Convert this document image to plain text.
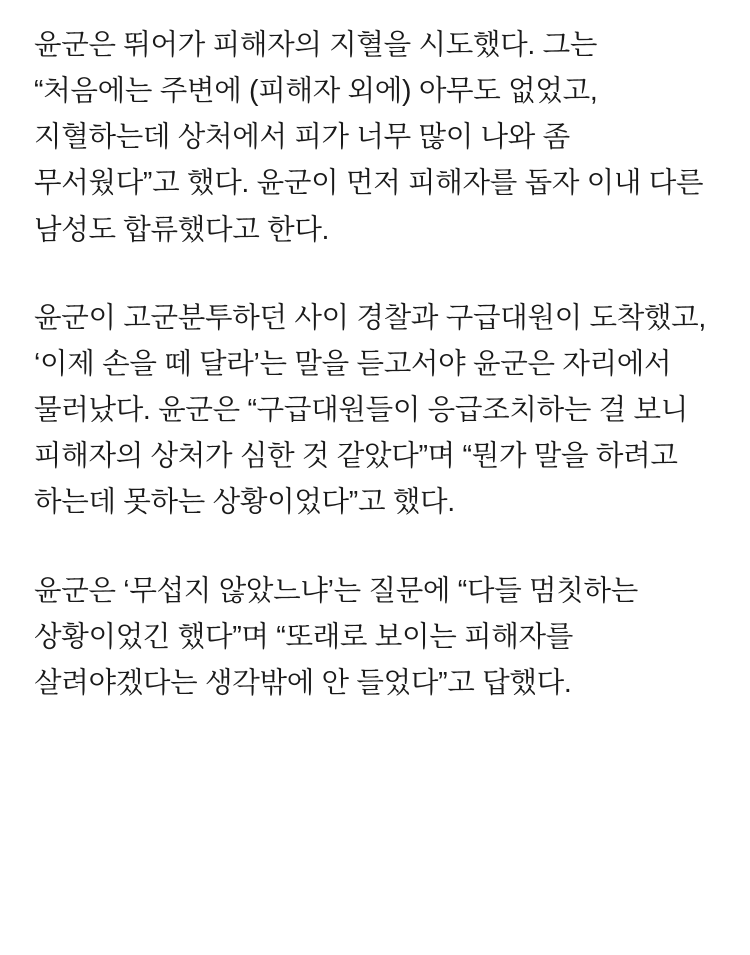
윤군은 뛰어가 피해자의 지혈을 시도했다. 그는 “처음에는 주변에 (피해자 외에) 아무도 없었고, 지혈하는데 상처에서 피가 너무 많이 나와 좀 무서웠다”고 했다. 윤군이 먼저 피해자를 돕자 이내 다른 남성도 합류했다고 한다.

윤군이 고군분투하던 사이 경찰과 구급대원이 도착했고, ‘이제 손을 떼 달라’는 말을 듣고서야 윤군은 자리에서 물러났다. 윤군은 “구급대원들이 응급조치하는 걸 보니 피해자의 상처가 심한 것 같았다”며 “뭔가 말을 하려고 하는데 못하는 상황이었다”고 했다.

윤군은 ‘무섭지 않았느냐’는 질문에 “다들 멈칫하는 상황이었긴 했다”며 “또래로 보이는 피해자를 살려야겠다는 생각밖에 안 들었다”고 답했다.
